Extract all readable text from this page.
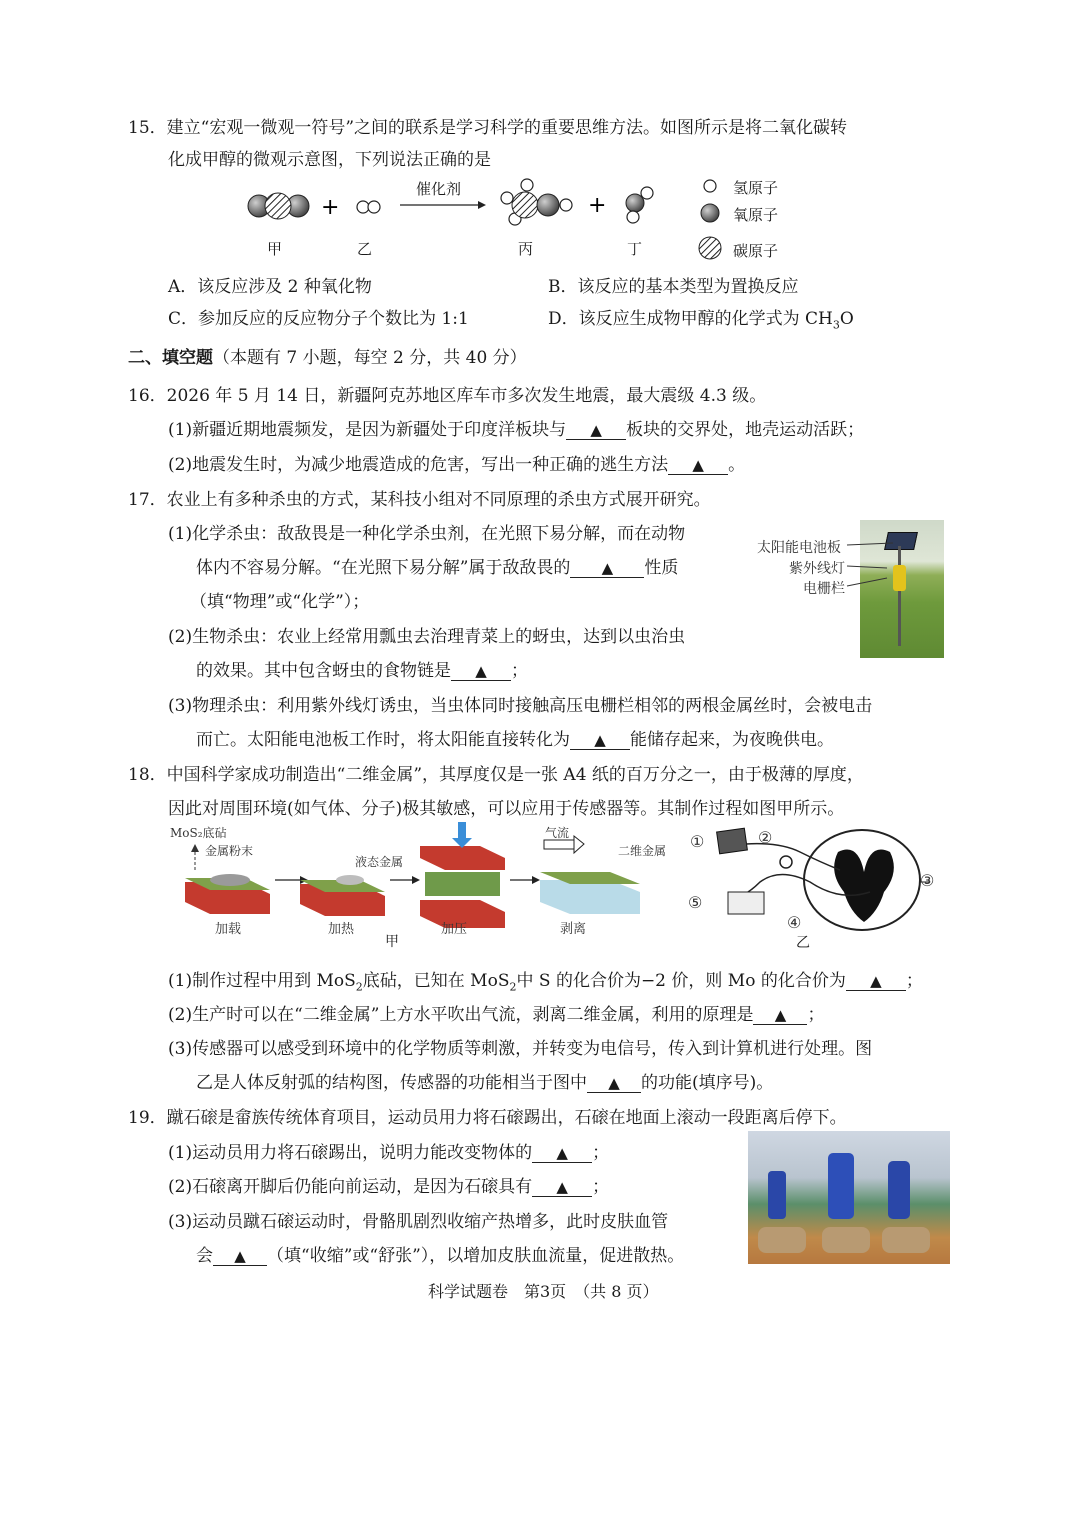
15．建立“宏观一微观一符号”之间的联系是学习科学的重要思维方法。如图所示是将二氧化碳转
化成甲醇的微观示意图，下列说法正确的是
+	+
催化剂
甲	乙	丙	丁
氢原子
氧原子
碳原子
A．该反应涉及 2 种氧化物	B．该反应的基本类型为置换反应
C．参加反应的反应物分子个数比为 1:1	D．该反应生成物甲醇的化学式为 $CH_3O$
二、填空题（本题有 7 小题，每空 2 分，共 40 分）
16．2026 年 5 月 14 日，新疆阿克苏地区库车市多次发生地震，最大震级 4.3 级。
(1)新疆近期地震频发，是因为新疆处于印度洋板块与 ▲ 板块的交界处，地壳运动活跃；
(2)地震发生时，为减少地震造成的危害，写出一种正确的逃生方法 ▲ 。
17．农业上有多种杀虫的方式，某科技小组对不同原理的杀虫方式展开研究。
(1)化学杀虫：敌敌畏是一种化学杀虫剂，在光照下易分解，而在动物
体内不容易分解。“在光照下易分解”属于敌敌畏的 ▲ 性质
（填“物理”或“化学”）；
(2)生物杀虫：农业上经常用瓢虫去治理青菜上的蚜虫，达到以虫治虫
的效果。其中包含蚜虫的食物链是 ▲ ；
(3)物理杀虫：利用紫外线灯诱虫，当虫体同时接触高压电栅栏相邻的两根金属丝时，会被电击
而亡。太阳能电池板工作时，将太阳能直接转化为 ▲ 能储存起来，为夜晚供电。
太阳能电池板
紫外线灯
电栅栏
18．中国科学家成功制造出“二维金属”，其厚度仅是一张 A4 纸的百万分之一，由于极薄的厚度，
因此对周围环境(如气体、分子)极其敏感，可以应用于传感器等。其制作过程如图甲所示。
MoS₂底砧
金属粉末
液态金属
气流
二维金属
加载	加热	加压	剥离
甲
①	②
③
④
⑤
乙
(1)制作过程中用到 MoS$_2$底砧，已知在 MoS$_2$中 S 的化合价为−2 价，则 Mo 的化合价为 ▲ ；
(2)生产时可以在“二维金属”上方水平吹出气流，剥离二维金属，利用的原理是 ▲ ；
(3)传感器可以感受到环境中的化学物质等刺激，并转变为电信号，传入到计算机进行处理。图
乙是人体反射弧的结构图，传感器的功能相当于图中 ▲ 的功能(填序号)。
19．蹴石磙是畲族传统体育项目，运动员用力将石磙踢出，石磙在地面上滚动一段距离后停下。
(1)运动员用力将石磙踢出，说明力能改变物体的 ▲ ；
(2)石磙离开脚后仍能向前运动，是因为石磙具有 ▲ ；
(3)运动员蹴石磙运动时，骨骼肌剧烈收缩产热增多，此时皮肤血管
会 ▲ （填“收缩”或“舒张”），以增加皮肤血流量，促进散热。
科学试题卷　第3页　（共 8 页）
